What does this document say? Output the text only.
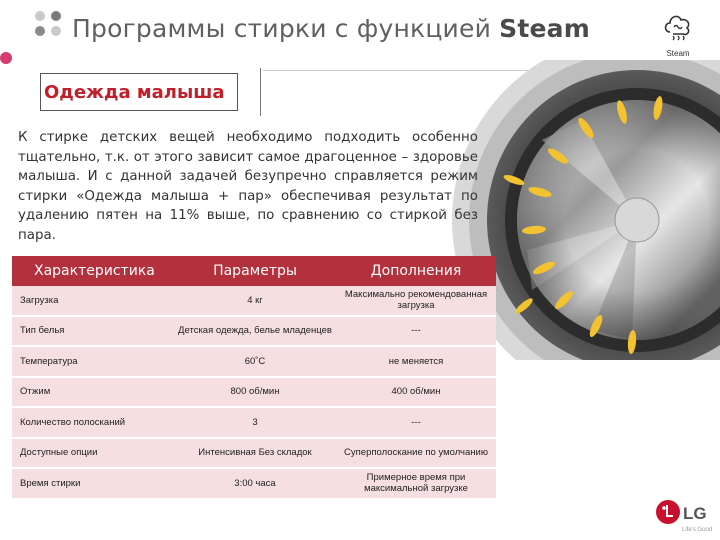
Программы стирки с функцией Steam
Steam
Одежда малыша

К стирке детских вещей необходимо подходить особенно тщательно, т.к. от этого зависит самое драгоценное – здоровье малыша. И с данной задачей безупречно справляется режим стирки «Одежда малыша + пар» обеспечивая результат по удалению пятен на 11% выше, по сравнению со стиркой без пара.

Характеристика	Параметры	Дополнения
Загрузка	4 кг	Максимально рекомендованная загрузка
Тип белья	Детская одежда, белье младенцев	---
Температура	60˚C	не меняется
Отжим	800 об/мин	400 об/мин
Количество полосканий	3	---
Доступные опции	Интенсивная Без складок	Суперполоскание по умолчанию
Время стирки	3:00 часа	Примерное время при максимальной загрузке
LG
Life's Good
